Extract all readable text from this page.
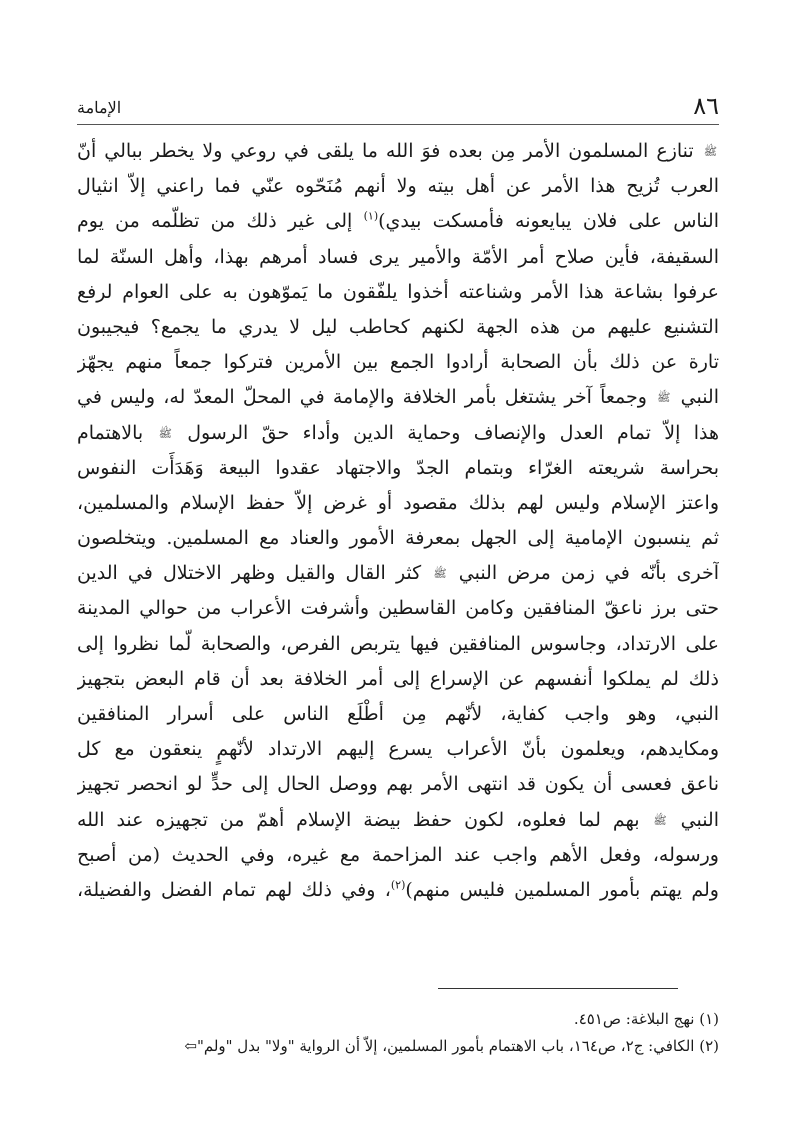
٨٦
الإمامة
ﷺ تنازع المسلمون الأمر مِن بعده فوَ الله ما يلقى في روعي ولا يخطر ببالي أنّ
العرب تُزيح هذا الأمر عن أهل بيته ولا أنهم مُنَحّوه عنّي فما راعني إلاّ انثيال
الناس على فلان يبايعونه فأمسكت بيدي)$^{(١)}$ إلى غير ذلك من تظلّمه من يوم
السقيفة، فأين صلاح أمر الأمّة والأمير يرى فساد أمرهم بهذا، وأهل السنّة لما
عرفوا بشاعة هذا الأمر وشناعته أخذوا يلفّقون ما يَموّهون به على العوام لرفع
التشنيع عليهم من هذه الجهة لكنهم كحاطب ليل لا يدري ما يجمع؟ فيجيبون
تارة عن ذلك بأن الصحابة أرادوا الجمع بين الأمرين فتركوا جمعاً منهم يجهّز
النبي ﷺ وجمعاً آخر يشتغل بأمر الخلافة والإمامة في المحلّ المعدّ له، وليس في
هذا إلاّ تمام العدل والإنصاف وحماية الدين وأداء حقّ الرسول ﷺ بالاهتمام
بحراسة شريعته الغرّاء وبتمام الجدّ والاجتهاد عقدوا البيعة وَهَدَأَت النفوس
واعتز الإسلام وليس لهم بذلك مقصود أو غرض إلاّ حفظ الإسلام والمسلمين،
ثم ينسبون الإمامية إلى الجهل بمعرفة الأمور والعناد مع المسلمين. ويتخلصون
آخرى بأنّه في زمن مرض النبي ﷺ كثر القال والقيل وظهر الاختلال في الدين
حتى برز ناعقّ المنافقين وكامن القاسطين وأشرفت الأعراب من حوالي المدينة
على الارتداد، وجاسوس المنافقين فيها يتربص الفرص، والصحابة لّما نظروا إلى
ذلك لم يملكوا أنفسهم عن الإسراع إلى أمر الخلافة بعد أن قام البعض بتجهيز
النبي، وهو واجب كفاية، لأنّهم مِن أطْلَع الناس على أسرار المنافقين
ومكايدهم، ويعلمون بأنّ الأعراب يسرع إليهم الارتداد لأنّهمٍ ينعقون مع كل
ناعق فعسى أن يكون قد انتهى الأمر بهم ووصل الحال إلى حدٍّ لو انحصر تجهيز
النبي ﷺ بهم لما فعلوه، لكون حفظ بيضة الإسلام أهمّ من تجهيزه عند الله
ورسوله، وفعل الأهم واجب عند المزاحمة مع غيره، وفي الحديث (من أصبح
ولم يهتم بأمور المسلمين فليس منهم)$^{(٢)}$، وفي ذلك لهم تمام الفضل والفضيلة،
(١) نهج البلاغة: ص٤٥١.
(٢) الكافي: ج٢، ص١٦٤، باب الاهتمام بأمور المسلمين، إلاّ أن الرواية "ولا" بدل "ولم"⇦
